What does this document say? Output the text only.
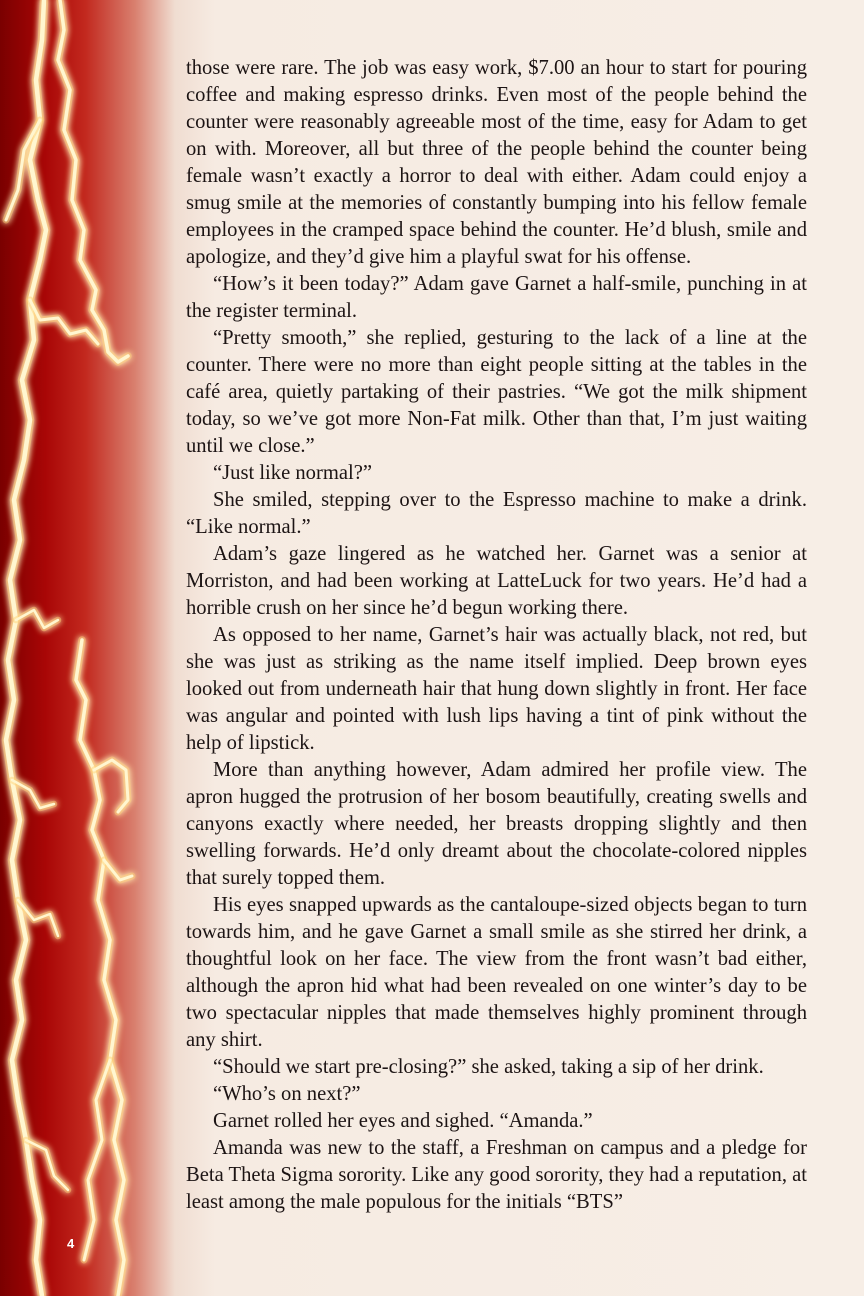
those were rare. The job was easy work, $7.00 an hour to start for pouring coffee and making espresso drinks. Even most of the people behind the counter were reasonably agreeable most of the time, easy for Adam to get on with. Moreover, all but three of the people behind the counter being female wasn’t exactly a horror to deal with either. Adam could enjoy a smug smile at the memories of constantly bumping into his fellow female employees in the cramped space behind the counter. He’d blush, smile and apologize, and they’d give him a playful swat for his offense.

“How’s it been today?” Adam gave Garnet a half-smile, punching in at the register terminal.

“Pretty smooth,” she replied, gesturing to the lack of a line at the counter. There were no more than eight people sitting at the tables in the café area, quietly partaking of their pastries. “We got the milk shipment today, so we’ve got more Non-Fat milk. Other than that, I’m just waiting until we close.”

“Just like normal?”

She smiled, stepping over to the Espresso machine to make a drink. “Like normal.”

Adam’s gaze lingered as he watched her. Garnet was a senior at Morriston, and had been working at LatteLuck for two years. He’d had a horrible crush on her since he’d begun working there.

As opposed to her name, Garnet’s hair was actually black, not red, but she was just as striking as the name itself implied. Deep brown eyes looked out from underneath hair that hung down slightly in front. Her face was angular and pointed with lush lips having a tint of pink without the help of lipstick.

More than anything however, Adam admired her profile view. The apron hugged the protrusion of her bosom beautifully, creating swells and canyons exactly where needed, her breasts dropping slightly and then swelling forwards. He’d only dreamt about the chocolate-colored nipples that surely topped them.

His eyes snapped upwards as the cantaloupe-sized objects began to turn towards him, and he gave Garnet a small smile as she stirred her drink, a thoughtful look on her face. The view from the front wasn’t bad either, although the apron hid what had been revealed on one winter’s day to be two spectacular nipples that made themselves highly prominent through any shirt.

“Should we start pre-closing?” she asked, taking a sip of her drink.

“Who’s on next?”

Garnet rolled her eyes and sighed. “Amanda.”

Amanda was new to the staff, a Freshman on campus and a pledge for Beta Theta Sigma sorority. Like any good sorority, they had a reputation, at least among the male populous for the initials “BTS”

4
